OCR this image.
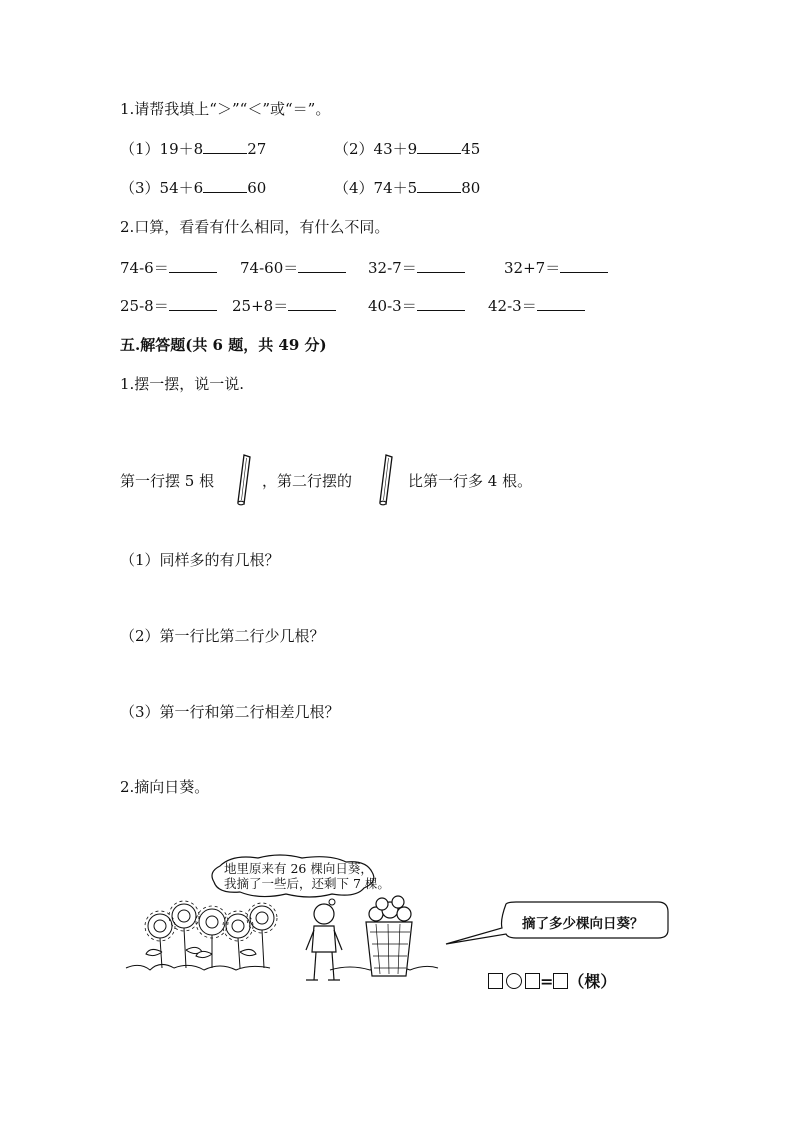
1.请帮我填上“＞”“＜”或“＝”。
（1）19＋8	27	（2）43＋9	45
（3）54＋6	60	（4）74＋5	80
2.口算，看看有什么相同，有什么不同。
74-6＝	74-60＝	32-7＝	32+7＝
25-8＝	25+8＝	40-3＝	42-3＝
五.解答题(共 6 题，共 49 分)
1.摆一摆，说一说.
第一行摆 5 根	，第二行摆的	比第一行多 4 根。
（1）同样多的有几根？
（2）第一行比第二行少几根？
（3）第一行和第二行相差几根？
2.摘向日葵。
地里原来有 26 棵向日葵，
我摘了一些后，还剩下 7 棵。
摘了多少棵向日葵？
= （棵）
